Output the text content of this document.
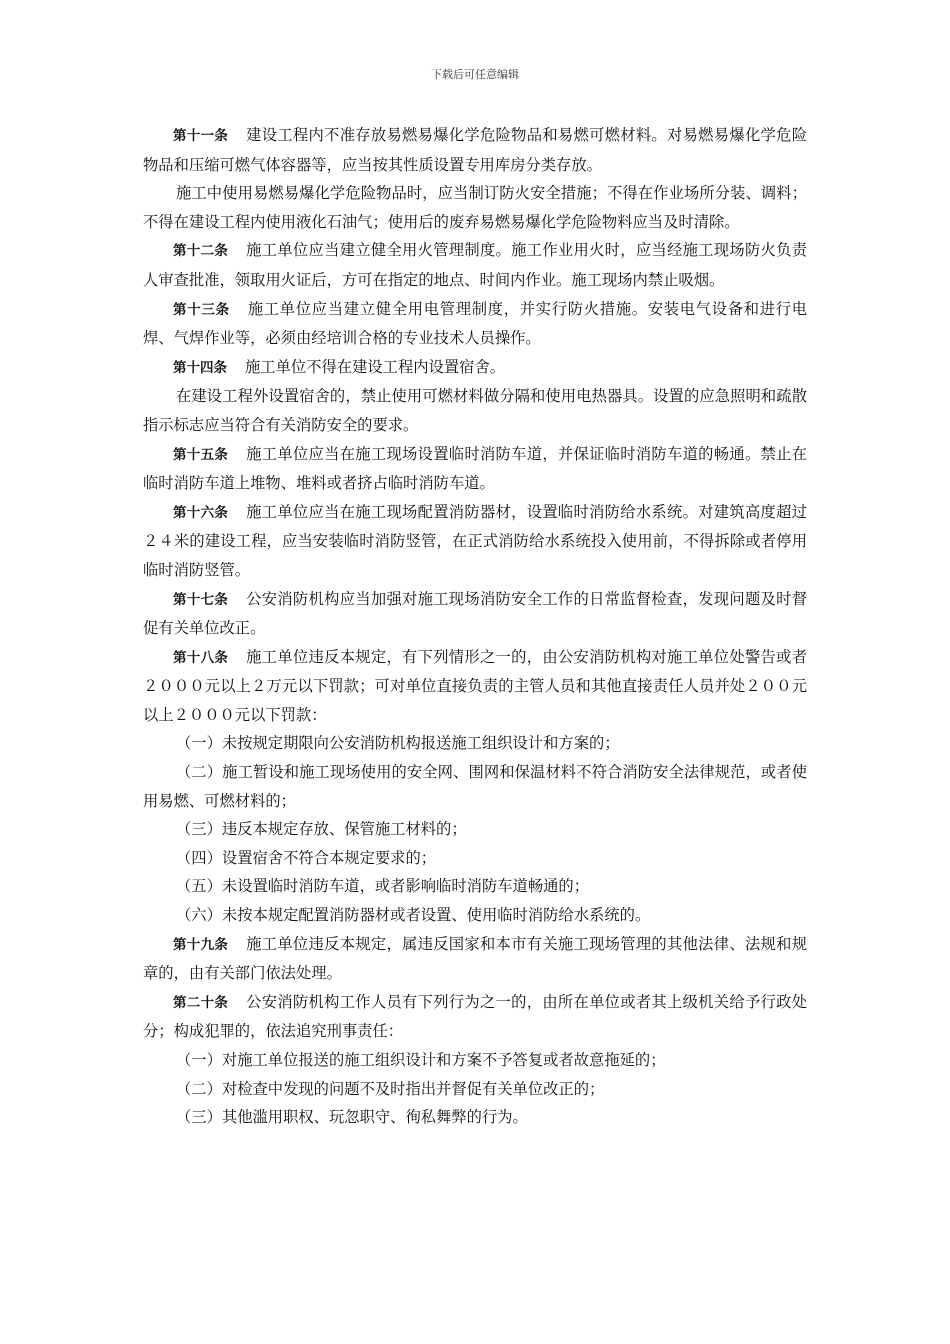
下载后可任意编辑

第十一条 建设工程内不准存放易燃易爆化学危险物品和易燃可燃材料。对易燃易爆化学危险物品和压缩可燃气体容器等，应当按其性质设置专用库房分类存放。

施工中使用易燃易爆化学危险物品时，应当制订防火安全措施；不得在作业场所分装、调料；不得在建设工程内使用液化石油气；使用后的废弃易燃易爆化学危险物料应当及时清除。

第十二条 施工单位应当建立健全用火管理制度。施工作业用火时，应当经施工现场防火负责人审查批准，领取用火证后，方可在指定的地点、时间内作业。施工现场内禁止吸烟。

第十三条 施工单位应当建立健全用电管理制度，并实行防火措施。安装电气设备和进行电焊、气焊作业等，必须由经培训合格的专业技术人员操作。

第十四条 施工单位不得在建设工程内设置宿舍。

在建设工程外设置宿舍的，禁止使用可燃材料做分隔和使用电热器具。设置的应急照明和疏散指示标志应当符合有关消防安全的要求。

第十五条 施工单位应当在施工现场设置临时消防车道，并保证临时消防车道的畅通。禁止在临时消防车道上堆物、堆料或者挤占临时消防车道。

第十六条 施工单位应当在施工现场配置消防器材，设置临时消防给水系统。对建筑高度超过２４米的建设工程，应当安装临时消防竖管，在正式消防给水系统投入使用前，不得拆除或者停用临时消防竖管。

第十七条 公安消防机构应当加强对施工现场消防安全工作的日常监督检查，发现问题及时督促有关单位改正。

第十八条 施工单位违反本规定，有下列情形之一的，由公安消防机构对施工单位处警告或者２０００元以上２万元以下罚款；可对单位直接负责的主管人员和其他直接责任人员并处２００元以上２０００元以下罚款：

（一）未按规定期限向公安消防机构报送施工组织设计和方案的；

（二）施工暂设和施工现场使用的安全网、围网和保温材料不符合消防安全法律规范，或者使用易燃、可燃材料的；

（三）违反本规定存放、保管施工材料的；

（四）设置宿舍不符合本规定要求的；

（五）未设置临时消防车道，或者影响临时消防车道畅通的；

（六）未按本规定配置消防器材或者设置、使用临时消防给水系统的。

第十九条 施工单位违反本规定，属违反国家和本市有关施工现场管理的其他法律、法规和规章的，由有关部门依法处理。

第二十条 公安消防机构工作人员有下列行为之一的，由所在单位或者其上级机关给予行政处分；构成犯罪的，依法追究刑事责任：

（一）对施工单位报送的施工组织设计和方案不予答复或者故意拖延的；

（二）对检查中发现的问题不及时指出并督促有关单位改正的；

（三）其他滥用职权、玩忽职守、徇私舞弊的行为。
